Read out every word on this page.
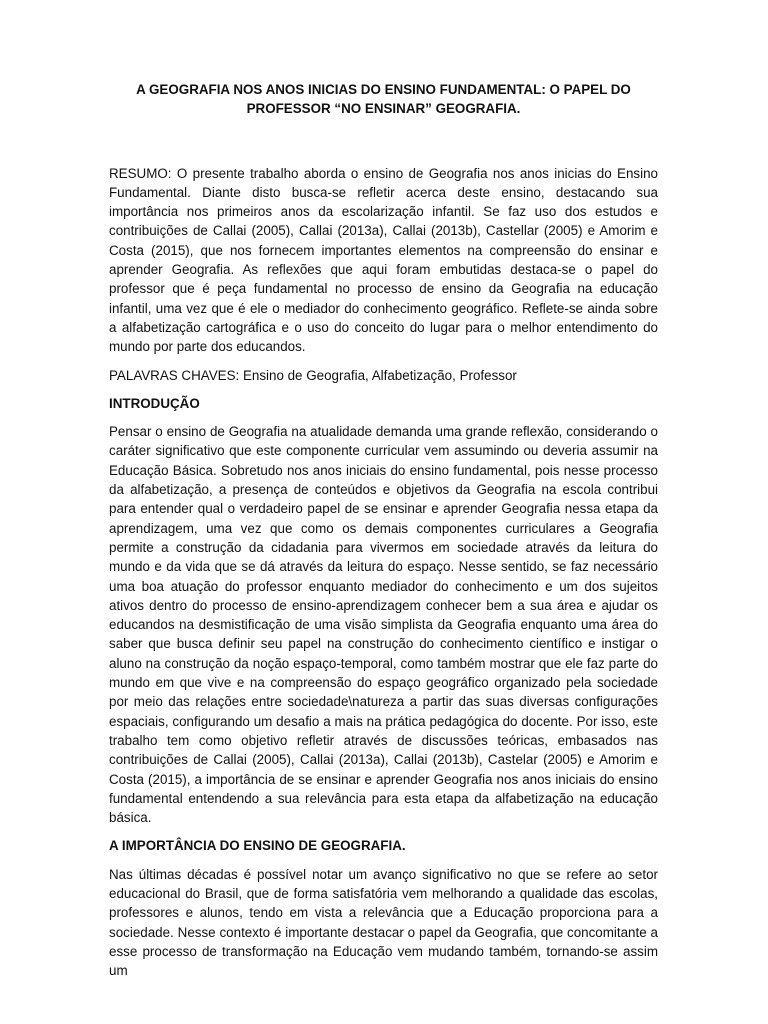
A GEOGRAFIA NOS ANOS INICIAS DO ENSINO FUNDAMENTAL: O PAPEL DO PROFESSOR “NO ENSINAR” GEOGRAFIA.

RESUMO: O presente trabalho aborda o ensino de Geografia nos anos inicias do Ensino Fundamental. Diante disto busca-se refletir acerca deste ensino, destacando sua importância nos primeiros anos da escolarização infantil. Se faz uso dos estudos e contribuições de Callai (2005), Callai (2013a), Callai (2013b), Castellar (2005) e Amorim e Costa (2015), que nos fornecem importantes elementos na compreensão do ensinar e aprender Geografia. As reflexões que aqui foram embutidas destaca-se o papel do professor que é peça fundamental no processo de ensino da Geografia na educação infantil, uma vez que é ele o mediador do conhecimento geográfico. Reflete-se ainda sobre a alfabetização cartográfica e o uso do conceito do lugar para o melhor entendimento do mundo por parte dos educandos.

PALAVRAS CHAVES: Ensino de Geografia, Alfabetização, Professor

INTRODUÇÃO

Pensar o ensino de Geografia na atualidade demanda uma grande reflexão, considerando o caráter significativo que este componente curricular vem assumindo ou deveria assumir na Educação Básica. Sobretudo nos anos iniciais do ensino fundamental, pois nesse processo da alfabetização, a presença de conteúdos e objetivos da Geografia na escola contribui para entender qual o verdadeiro papel de se ensinar e aprender Geografia nessa etapa da aprendizagem, uma vez que como os demais componentes curriculares a Geografia permite a construção da cidadania para vivermos em sociedade através da leitura do mundo e da vida que se dá através da leitura do espaço. Nesse sentido, se faz necessário uma boa atuação do professor enquanto mediador do conhecimento e um dos sujeitos ativos dentro do processo de ensino-aprendizagem conhecer bem a sua área e ajudar os educandos na desmistificação de uma visão simplista da Geografia enquanto uma área do saber que busca definir seu papel na construção do conhecimento científico e instigar o aluno na construção da noção espaço-temporal, como também mostrar que ele faz parte do mundo em que vive e na compreensão do espaço geográfico organizado pela sociedade por meio das relações entre sociedade\natureza a partir das suas diversas configurações espaciais, configurando um desafio a mais na prática pedagógica do docente. Por isso, este trabalho tem como objetivo refletir através de discussões teóricas, embasados nas contribuições de Callai (2005), Callai (2013a), Callai (2013b), Castelar (2005) e Amorim e Costa (2015), a importância de se ensinar e aprender Geografia nos anos iniciais do ensino fundamental entendendo a sua relevância para esta etapa da alfabetização na educação básica.

A IMPORTÂNCIA DO ENSINO DE GEOGRAFIA.

Nas últimas décadas é possível notar um avanço significativo no que se refere ao setor educacional do Brasil, que de forma satisfatória vem melhorando a qualidade das escolas, professores e alunos, tendo em vista a relevância que a Educação proporciona para a sociedade. Nesse contexto é importante destacar o papel da Geografia, que concomitante a esse processo de transformação na Educação vem mudando também, tornando-se assim um
